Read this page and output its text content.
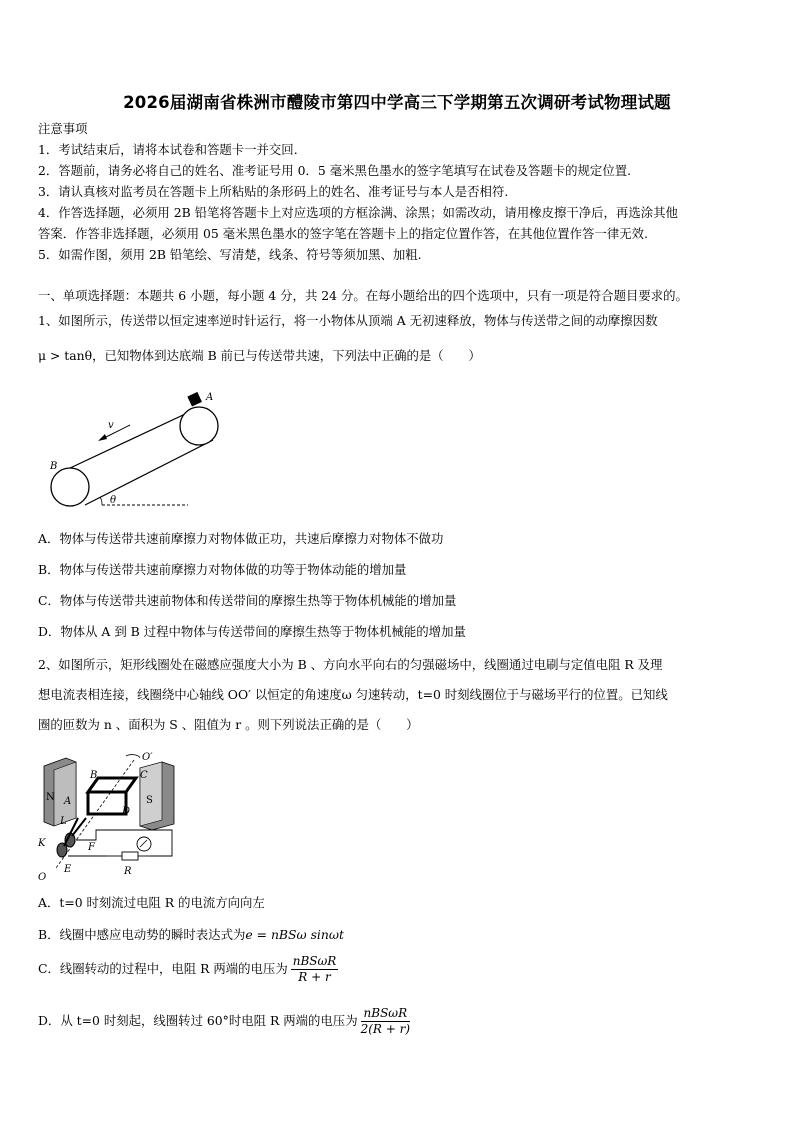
2026届湖南省株洲市醴陵市第四中学高三下学期第五次调研考试物理试题
注意事项
1．考试结束后，请将本试卷和答题卡一并交回.
2．答题前，请务必将自己的姓名、准考证号用 0．5 毫米黑色墨水的签字笔填写在试卷及答题卡的规定位置.
3．请认真核对监考员在答题卡上所粘贴的条形码上的姓名、准考证号与本人是否相符.
4．作答选择题，必须用 2B 铅笔将答题卡上对应选项的方框涂满、涂黑；如需改动，请用橡皮擦干净后，再选涂其他
答案．作答非选择题，必须用 05 毫米黑色墨水的签字笔在答题卡上的指定位置作答，在其他位置作答一律无效.
5．如需作图，须用 2B 铅笔绘、写清楚，线条、符号等须加黑、加粗.
一、单项选择题：本题共 6 小题，每小题 4 分，共 24 分。在每小题给出的四个选项中，只有一项是符合题目要求的。
1、如图所示，传送带以恒定速率逆时针运行，将一小物体从顶端 A 无初速释放，物体与传送带之间的动摩擦因数
μ > tanθ，已知物体到达底端 B 前已与传送带共速，下列法中正确的是（　　）
A
B
v
θ
A．物体与传送带共速前摩擦力对物体做正功，共速后摩擦力对物体不做功
B．物体与传送带共速前摩擦力对物体做的功等于物体动能的增加量
C．物体与传送带共速前物体和传送带间的摩擦生热等于物体机械能的增加量
D．物体从 A 到 B 过程中物体与传送带间的摩擦生热等于物体机械能的增加量
2、如图所示，矩形线圈处在磁感应强度大小为 B 、方向水平向右的匀强磁场中，线圈通过电刷与定值电阻 R 及理
想电流表相连接，线圈绕中心轴线 OO′ 以恒定的角速度ω 匀速转动，t=0 时刻线圈位于与磁场平行的位置。已知线
圈的匝数为 n 、面积为 S 、阻值为 r 。则下列说法正确的是（　　）
N	S
O′
B	C
D
A
L
K	F
E	R
O
A．t=0 时刻流过电阻 R 的电流方向向左
B．线圈中感应电动势的瞬时表达式为e = nBSω sinωt
C．线圈转动的过程中，电阻 R 两端的电压为 $\frac{\text{nBSωR}}{R + r}$
D．从 t=0 时刻起，线圈转过 60°时电阻 R 两端的电压为 $\frac{\text{nBSωR}}{2(R + r)}$
